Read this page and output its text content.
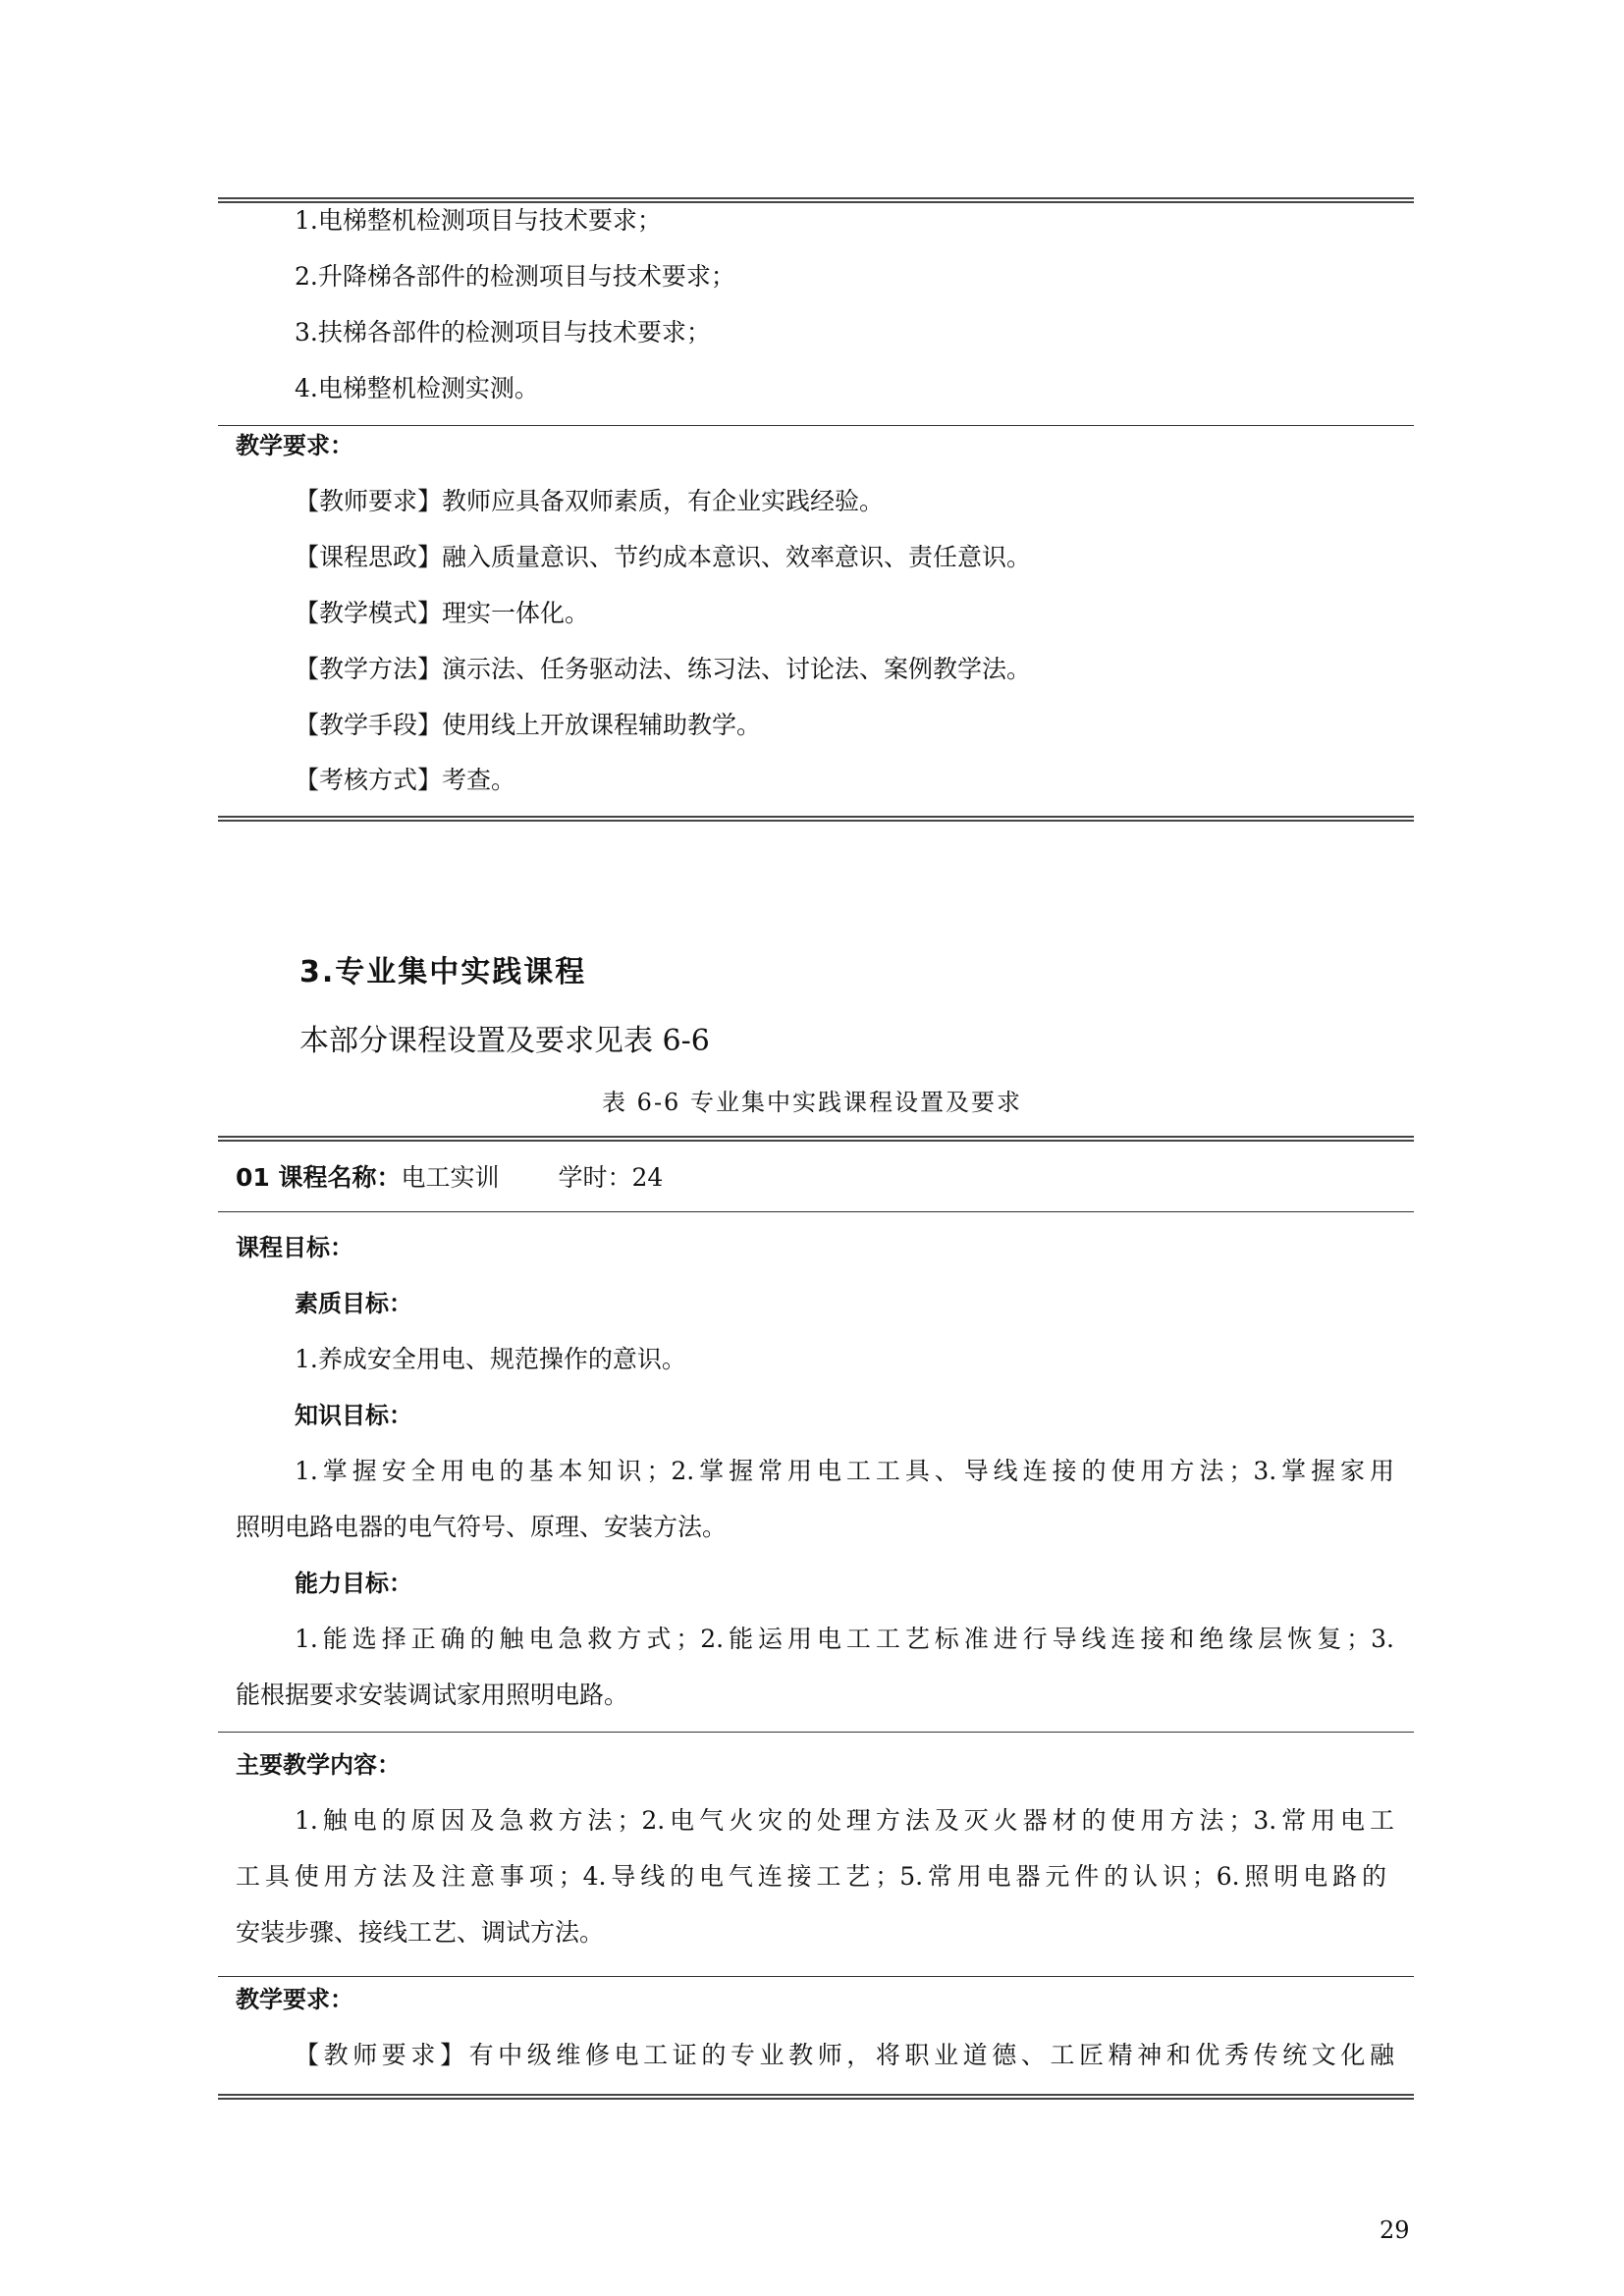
1.电梯整机检测项目与技术要求；
2.升降梯各部件的检测项目与技术要求；
3.扶梯各部件的检测项目与技术要求；
4.电梯整机检测实测。
教学要求：
【教师要求】教师应具备双师素质，有企业实践经验。
【课程思政】融入质量意识、节约成本意识、效率意识、责任意识。
【教学模式】理实一体化。
【教学方法】演示法、任务驱动法、练习法、讨论法、案例教学法。
【教学手段】使用线上开放课程辅助教学。
【考核方式】考查。
3.专业集中实践课程
本部分课程设置及要求见表 6-6
表 6-6 专业集中实践课程设置及要求
01 课程名称：电工实训 学时：24
课程目标：
素质目标：
1.养成安全用电、规范操作的意识。
知识目标：
1.掌握安全用电的基本知识；2.掌握常用电工工具、导线连接的使用方法；3.掌握家用
照明电路电器的电气符号、原理、安装方法。
能力目标：
1.能选择正确的触电急救方式；2.能运用电工工艺标准进行导线连接和绝缘层恢复；3.
能根据要求安装调试家用照明电路。
主要教学内容：
1.触电的原因及急救方法；2.电气火灾的处理方法及灭火器材的使用方法；3.常用电工
工具使用方法及注意事项；4.导线的电气连接工艺；5.常用电器元件的认识；6.照明电路的
安装步骤、接线工艺、调试方法。
教学要求：
【教师要求】有中级维修电工证的专业教师，将职业道德、工匠精神和优秀传统文化融
29
